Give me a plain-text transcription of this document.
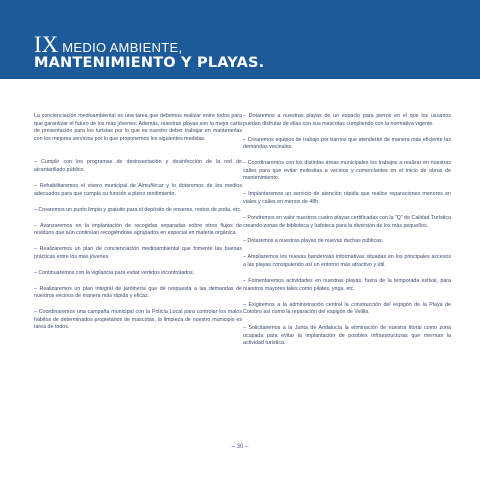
IX MEDIO AMBIENTE,
MANTENIMIENTO Y PLAYAS.

La concienciación medioambiental es una tarea que debemos realizar entre todos para que garantizar el futuro de los más jóvenes. Además, nuestras playas son la mejor carta de presentación para los turistas por lo que es nuestro deber trabajar en mantenerlas con los mejores servicios por lo que proponemos los siguientes medidas.

– Cumplir con los programas de desinsectación y desinfección de la red de alcantarillado público.

– Rehabilitaremos el vivero municipal de Almuñécar y lo dotaremos de los medios adecuados para que cumpla su función a pleno rendimiento.

– Crearemos un punto limpio y gratuito para el depósito de enseres, restos de poda, etc.

– Avanzaremos en la implantación de recogidas separadas sobre otros flujos de residuos que aún continúan recogiéndose agrupados en especial en materia orgánica.

– Realizaremos un plan de concienciación medioambiental que fomente las buenas prácticas entre los más jóvenes.

– Continuaremos con la vigilancia para evitar vertidos incontrolados.

– Realizaremos un plan integral de jardinería que dé respuesta a las demandas de nuestros vecinos de manera más rápida y eficaz.

– Coordinaremos una campaña municipal con la Policía Local para controlar los malos hábitos de determinados propietarios de mascotas, la limpieza de nuestro municipio es tarea de todos.

– Dotaremos a nuestras playas de un espacio para perros en el que los usuarios puedan disfrutar de ellas con sus mascotas cumpliendo con la normativa vigente.

– Crearemos equipos de trabajo por barrios que atenderán de manera más eficiente las demandas vecinales.

– Coordinaremos con los distintas áreas municipales los trabajos a realizar en nuestras calles para que evitar molestias a vecinos y comerciantes en el inicio de obras de mantenimiento.

– Implantaremos un servicio de atención rápida que realice reparaciones menores en viales y calles en menos de 48h.

– Pondremos en valor nuestros cuatro playas certificadas con la “Q” de Calidad Turística creando zonas de biblioteca y ludoteca para la diversión de los más pequeños.

– Dotaremos a nuestras playas de nuevas duchas públicas.

– Ampliaremos los nuevas banderolas informativas situadas en los principales accesos a las playas consiguiendo así un entorno más atractivo y útil.

– Fomentaremos actividades en nuestras playas, fuera de la temporada estival, para nuestros mayores tales como pilates, yoga, etc.

– Exigiremos a la administración central la construcción del espigón de la Playa de Cotobro así como la reparación del espigón de Velilla.

– Solicitaremos a la Junta de Andalucía la eliminación de nuestra litoral como zona ocupada para evitar la implantación de posibles infraestructuras que merman la actividad turística.

– 30 –
